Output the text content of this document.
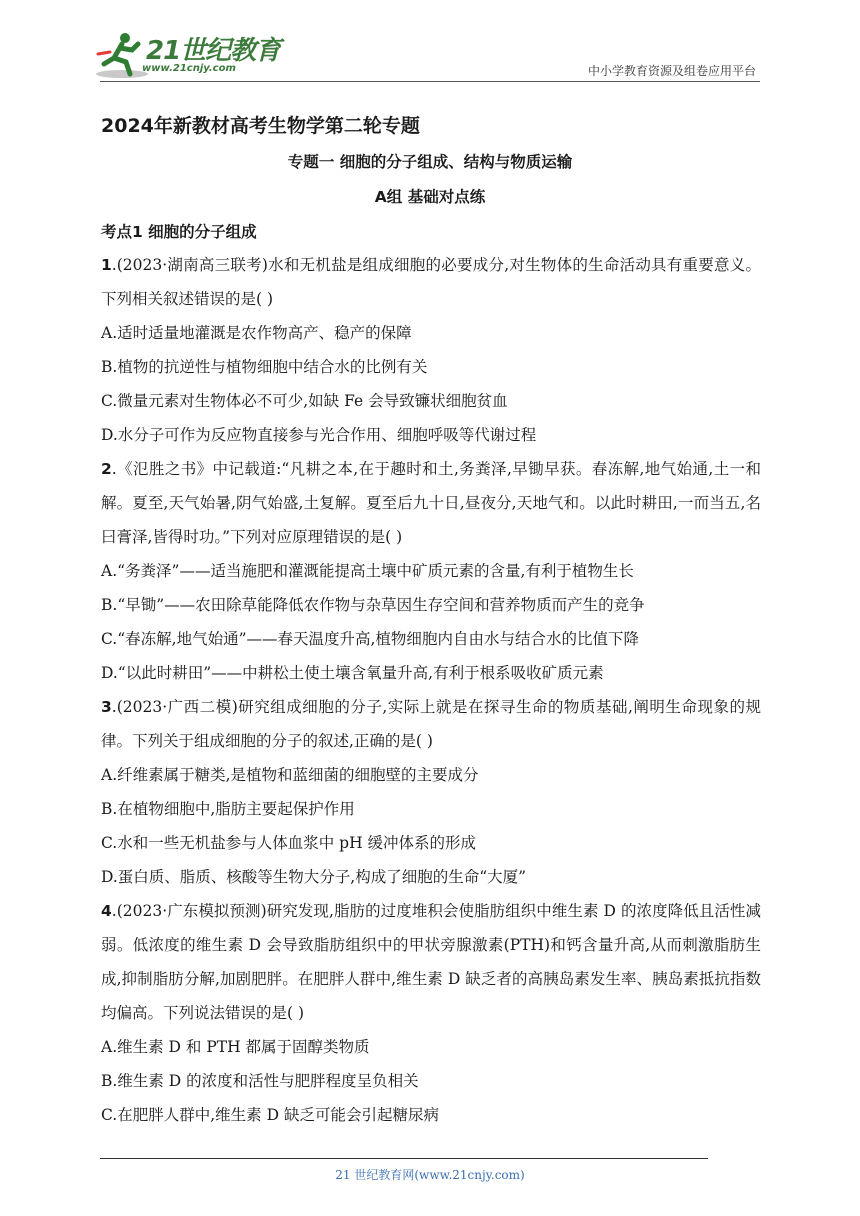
21世纪教育
www.21cnjy.com	中小学教育资源及组卷应用平台
2024年新教材高考生物学第二轮专题
专题一 细胞的分子组成、结构与物质运输
A组 基础对点练
考点1 细胞的分子组成

1.(2023·湖南高三联考)水和无机盐是组成细胞的必要成分,对生物体的生命活动具有重要意义。下列相关叙述错误的是( )

A.适时适量地灌溉是农作物高产、稳产的保障

B.植物的抗逆性与植物细胞中结合水的比例有关

C.微量元素对生物体必不可少,如缺 Fe 会导致镰状细胞贫血

D.水分子可作为反应物直接参与光合作用、细胞呼吸等代谢过程

2.《氾胜之书》中记载道:“凡耕之本,在于趣时和土,务粪泽,早锄早获。春冻解,地气始通,土一和解。夏至,天气始暑,阴气始盛,土复解。夏至后九十日,昼夜分,天地气和。以此时耕田,一而当五,名曰膏泽,皆得时功。”下列对应原理错误的是( )

A.“务粪泽”——适当施肥和灌溉能提高土壤中矿质元素的含量,有利于植物生长

B.“早锄”——农田除草能降低农作物与杂草因生存空间和营养物质而产生的竞争

C.“春冻解,地气始通”——春天温度升高,植物细胞内自由水与结合水的比值下降

D.“以此时耕田”——中耕松土使土壤含氧量升高,有利于根系吸收矿质元素

3.(2023·广西二模)研究组成细胞的分子,实际上就是在探寻生命的物质基础,阐明生命现象的规律。下列关于组成细胞的分子的叙述,正确的是( )

A.纤维素属于糖类,是植物和蓝细菌的细胞壁的主要成分

B.在植物细胞中,脂肪主要起保护作用

C.水和一些无机盐参与人体血浆中 pH 缓冲体系的形成

D.蛋白质、脂质、核酸等生物大分子,构成了细胞的生命“大厦”

4.(2023·广东模拟预测)研究发现,脂肪的过度堆积会使脂肪组织中维生素 D 的浓度降低且活性减弱。低浓度的维生素 D 会导致脂肪组织中的甲状旁腺激素(PTH)和钙含量升高,从而刺激脂肪生成,抑制脂肪分解,加剧肥胖。在肥胖人群中,维生素 D 缺乏者的高胰岛素发生率、胰岛素抵抗指数均偏高。下列说法错误的是( )

A.维生素 D 和 PTH 都属于固醇类物质

B.维生素 D 的浓度和活性与肥胖程度呈负相关

C.在肥胖人群中,维生素 D 缺乏可能会引起糖尿病

21 世纪教育网(www.21cnjy.com)
